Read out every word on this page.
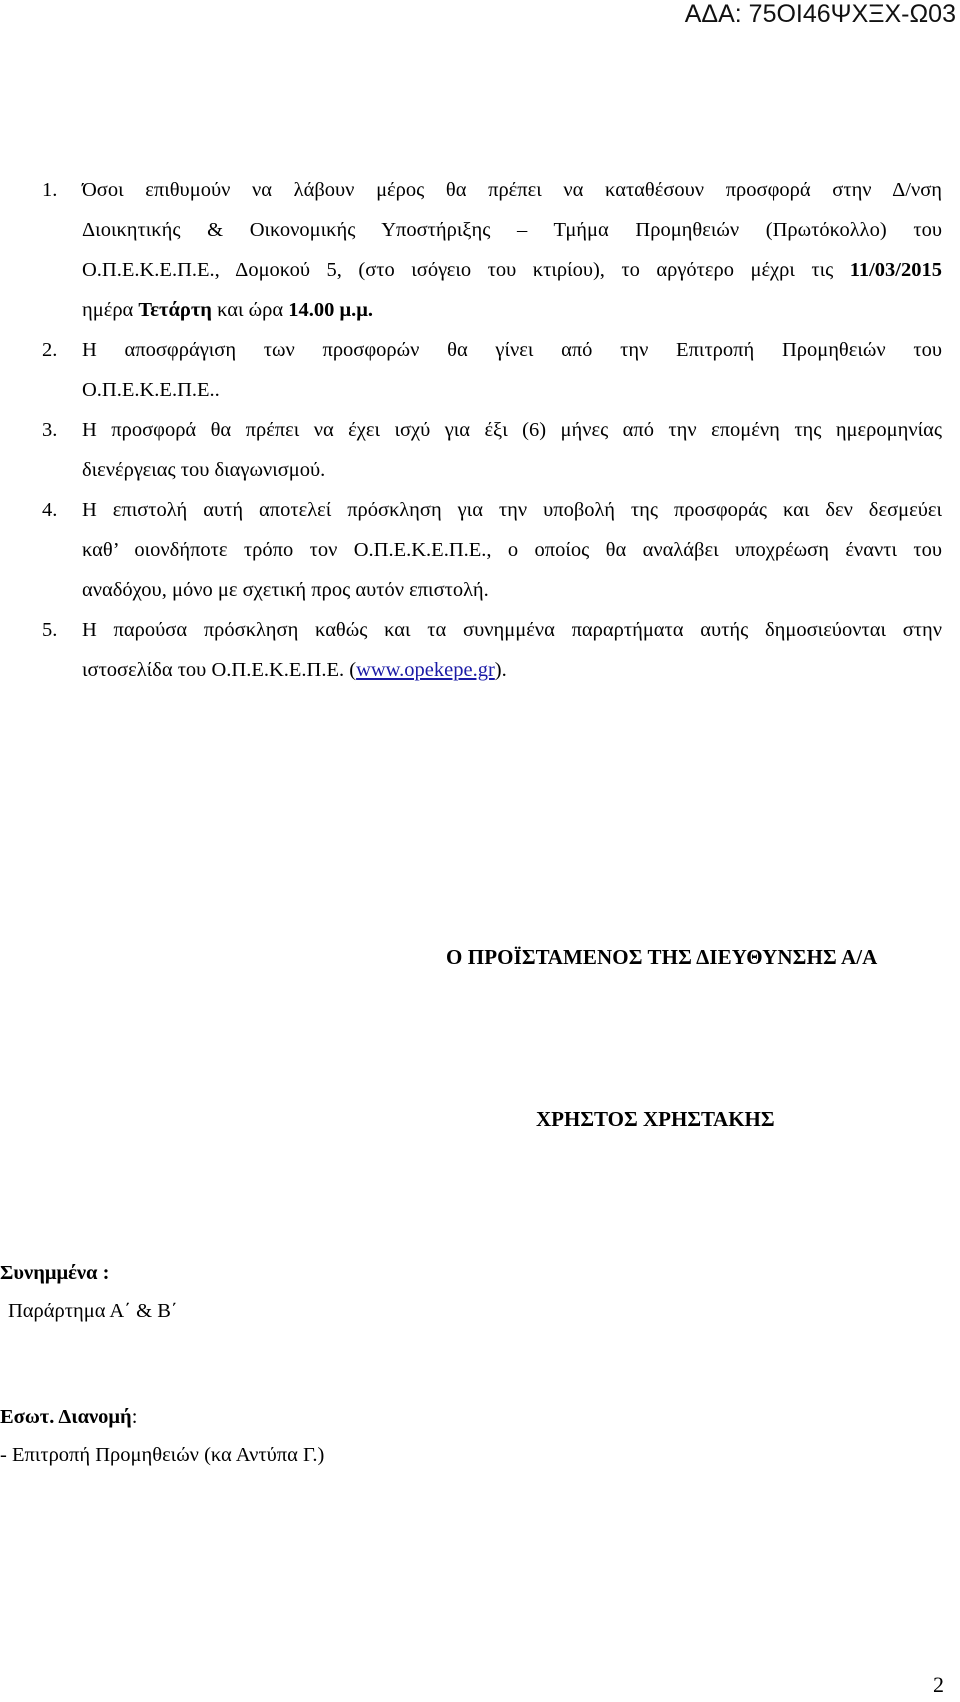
ΑΔΑ: 75ΟΙ46ΨΧΞΧ-Ω03
1. Όσοι επιθυμούν να λάβουν μέρος θα πρέπει να καταθέσουν προσφορά στην Δ/νση
Διοικητικής & Οικονομικής Υποστήριξης – Τμήμα Προμηθειών (Πρωτόκολλο) του
Ο.Π.Ε.Κ.Ε.Π.Ε., Δομοκού 5, (στο ισόγειο του κτιρίου), το αργότερο μέχρι τις 11/03/2015
ημέρα Τετάρτη και ώρα 14.00 μ.μ.
2. Η αποσφράγιση των προσφορών θα γίνει από την Επιτροπή Προμηθειών του
Ο.Π.Ε.Κ.Ε.Π.Ε..
3. Η προσφορά θα πρέπει να έχει ισχύ για έξι (6) μήνες από την επομένη της ημερομηνίας
διενέργειας του διαγωνισμού.
4. Η επιστολή αυτή αποτελεί πρόσκληση για την υποβολή της προσφοράς και δεν δεσμεύει
καθ’ οιονδήποτε τρόπο τον Ο.Π.Ε.Κ.Ε.Π.Ε., ο οποίος θα αναλάβει υποχρέωση έναντι του
αναδόχου, μόνο με σχετική προς αυτόν επιστολή.
5. Η παρούσα πρόσκληση καθώς και τα συνημμένα παραρτήματα αυτής δημοσιεύονται στην
ιστοσελίδα του Ο.Π.Ε.Κ.Ε.Π.Ε. (www.opekepe.gr).
Ο ΠΡΟΪΣΤΑΜΕΝΟΣ ΤΗΣ ΔΙΕΥΘΥΝΣΗΣ Α/Α
ΧΡΗΣΤΟΣ ΧΡΗΣΤΑΚΗΣ
Συνημμένα :
Παράρτημα Α΄ & Β΄
Εσωτ. Διανομή:
- Επιτροπή Προμηθειών (κα Αντύπα Γ.)
2
